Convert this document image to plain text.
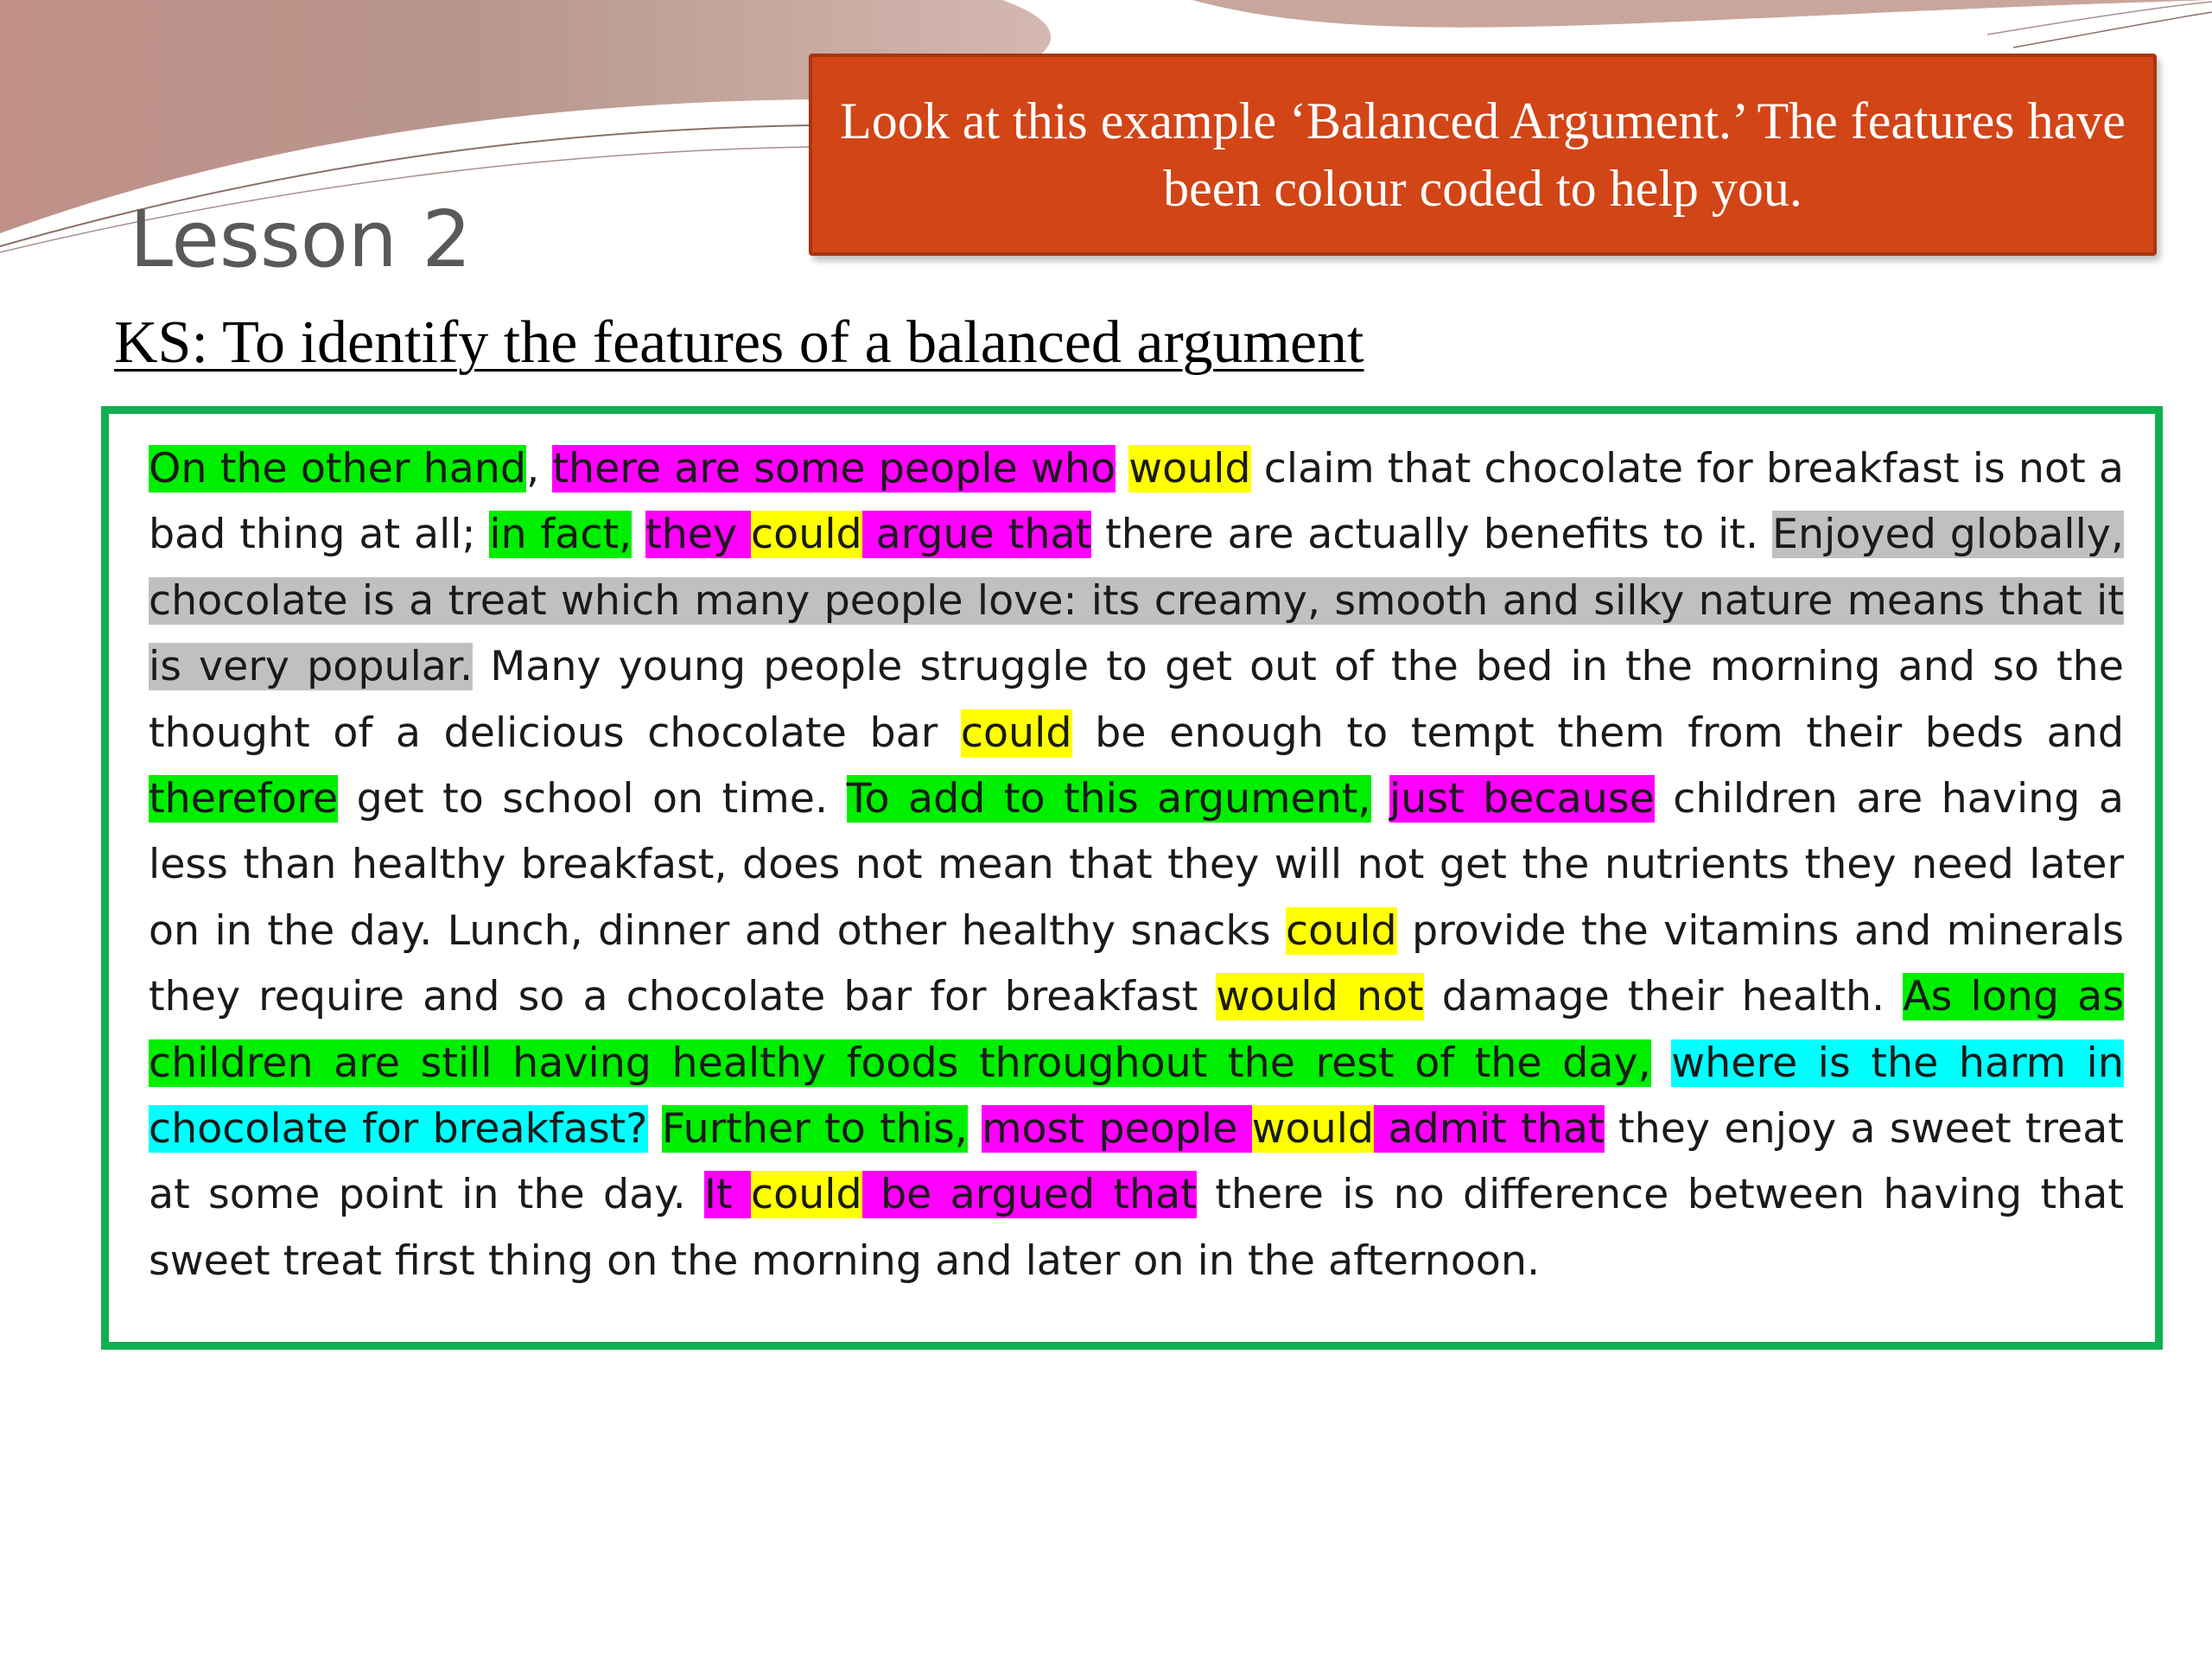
Lesson 2
Look at this example ‘Balanced Argument.’ The features have been colour coded to help you.
KS: To identify the features of a balanced argument

On the other hand, there are some people who would claim that chocolate for breakfast is not a bad thing at all; in fact, they could argue that there are actually benefits to it. Enjoyed globally, chocolate is a treat which many people love: its creamy, smooth and silky nature means that it is very popular. Many young people struggle to get out of the bed in the morning and so the thought of a delicious chocolate bar could be enough to tempt them from their beds and therefore get to school on time. To add to this argument, just because children are having a less than healthy breakfast, does not mean that they will not get the nutrients they need later on in the day. Lunch, dinner and other healthy snacks could provide the vitamins and minerals they require and so a chocolate bar for breakfast would not damage their health. As long as children are still having healthy foods throughout the rest of the day, where is the harm in chocolate for breakfast? Further to this, most people would admit that they enjoy a sweet treat at some point in the day. It could be argued that there is no difference between having that sweet treat first thing on the morning and later on in the afternoon.
